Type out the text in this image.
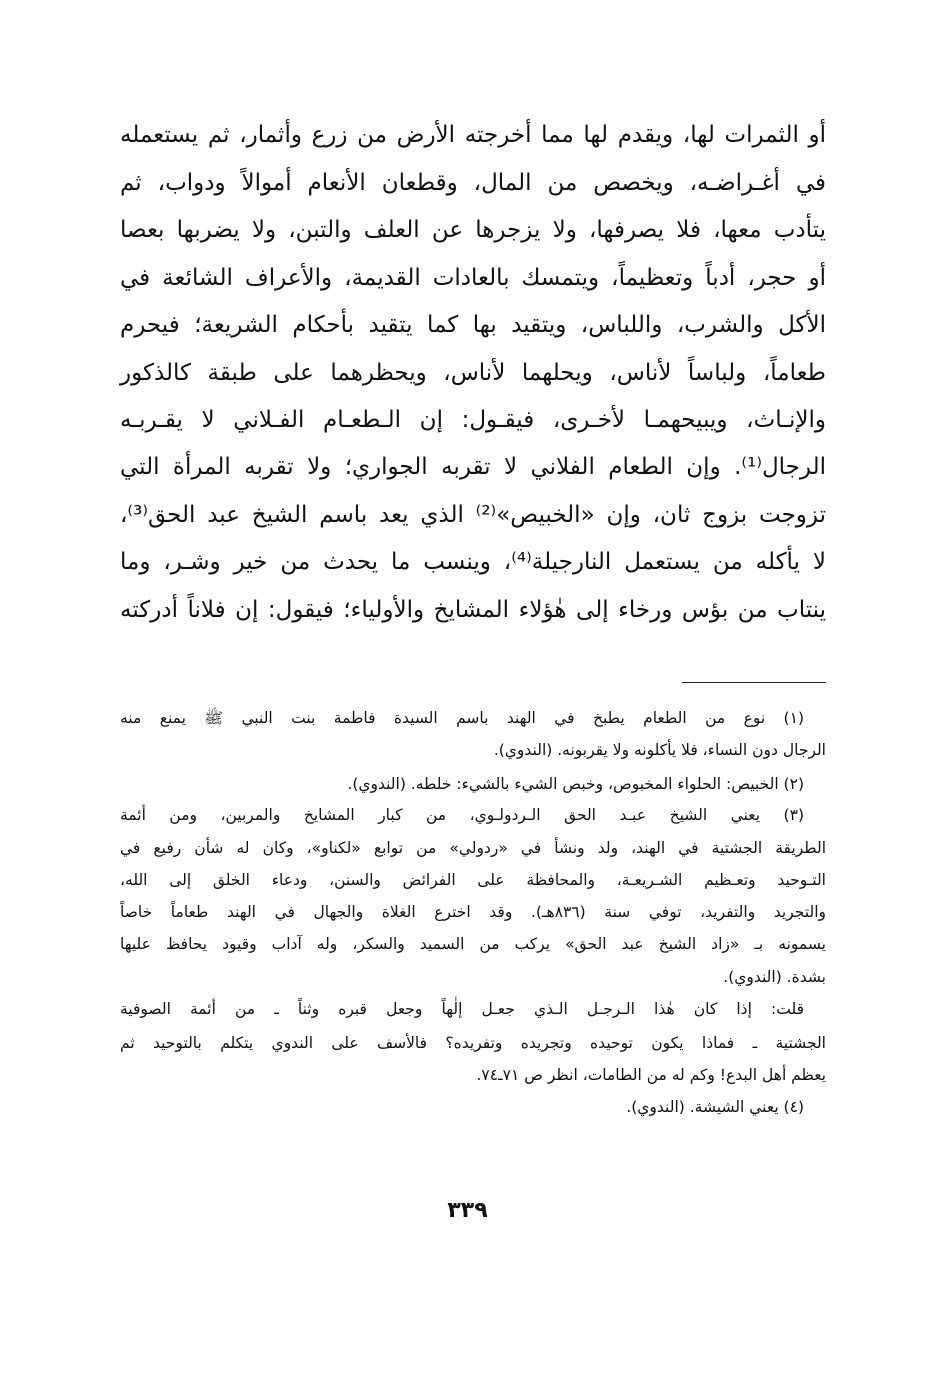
أو الثمرات لها، ويقدم لها مما أخرجته الأرض من زرع وأثمار، ثم يستعمله
في أغـراضـه، ويخصص من المال، وقطعان الأنعام أموالاً ودواب، ثم
يتأدب معها، فلا يصرفها، ولا يزجرها عن العلف والتبن، ولا يضربها بعصا
أو حجر، أدباً وتعظيماً، ويتمسك بالعادات القديمة، والأعراف الشائعة في
الأكل والشرب، واللباس، ويتقيد بها كما يتقيد بأحكام الشريعة؛ فيحرم
طعاماً، ولباساً لأناس، ويحلهما لأناس، ويحظرهما على طبقة كالذكور
والإنـاث، ويبيحهمـا لأخـرى، فيقـول: إن الـطعـام الفـلاني لا يقـربـه
الرجال⁽¹⁾. وإن الطعام الفلاني لا تقربه الجواري؛ ولا تقربه المرأة التي
تزوجت بزوج ثان، وإن «الخبيص»⁽²⁾ الذي يعد باسم الشيخ عبد الحق⁽³⁾،
لا يأكله من يستعمل النارجيلة⁽⁴⁾، وينسب ما يحدث من خير وشـر، وما
ينتاب من بؤس ورخاء إلى هٰؤلاء المشايخ والأولياء؛ فيقول: إن فلاناً أدركته
(١) نوع من الطعام يطبخ في الهند باسم السيدة فاطمة بنت النبي ﷺ يمنع منه
الرجال دون النساء، فلا يأكلونه ولا يقربونه. (الندوي).
(٢) الخبيص: الحلواء المخبوص، وخبص الشيء بالشيء: خلطه. (الندوي).
(٣) يعني الشيخ عبـد الحق الـردولـوي، من كبار المشايخ والمربين، ومن أئمة
الطريقة الجشتية في الهند، ولد ونشأ في «ردولي» من توابع «لكناو»، وكان له شأن رفيع في
التـوحيد وتعـظيم الشـريعـة، والمحافظة على الفرائض والسنن، ودعاء الخلق إلى الله،
والتجريد والتفريد، توفي سنة (٨٣٦هـ). وقد اخترع الغلاة والجهال في الهند طعاماً خاصاً
يسمونه بـ «زاد الشيخ عبد الحق» يركب من السميد والسكر، وله آداب وقيود يحافظ عليها
بشدة. (الندوي).
قلت: إذا كان هٰذا الـرجـل الـذي جعـل إلٰهاً وجعل قبره وثناً ـ من أئمة الصوفية
الجشتية ـ فماذا يكون توحيده وتجريده وتفريده؟ فالأسف على الندوي يتكلم بالتوحيد ثم
يعظم أهل البدع! وكم له من الطامات، انظر ص ٧١ـ٧٤.
(٤) يعني الشيشة. (الندوي).
٣٣٩
